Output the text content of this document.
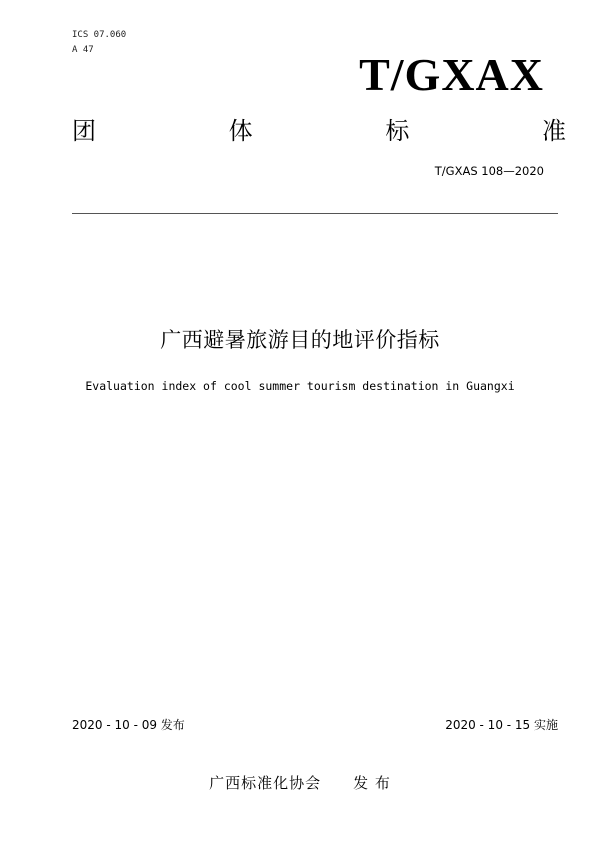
ICS 07.060
A 47	T/GXAX
团	体	标	准
T/GXAS 108—2020
广西避暑旅游目的地评价指标
Evaluation index of cool summer tourism destination in Guangxi
2020 - 10 - 09 发布	2020 - 10 - 15 实施
广西标准化协会 发 布
